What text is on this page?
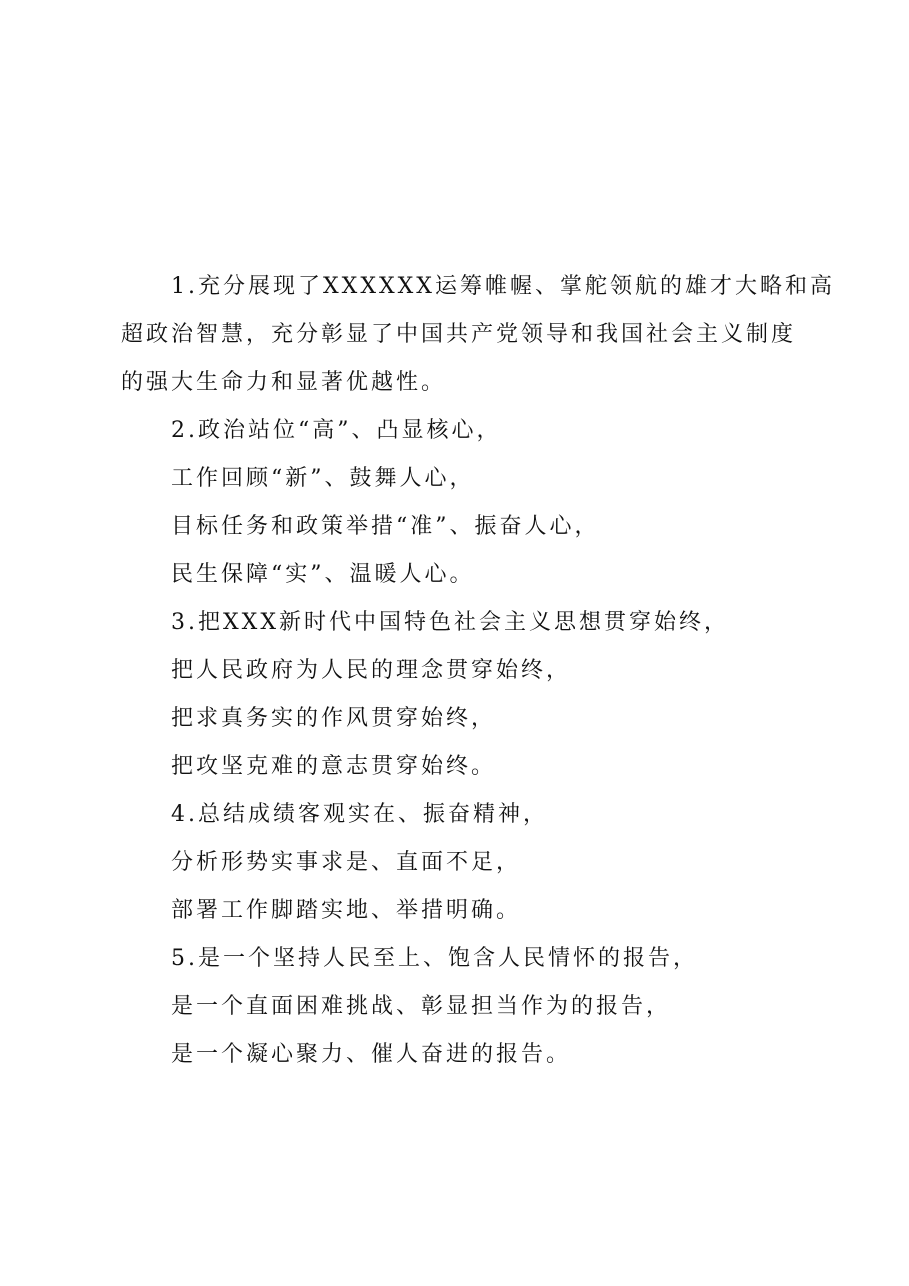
1.充分展现了XXXXXX运筹帷幄、掌舵领航的雄才大略和高
超政治智慧，充分彰显了中国共产党领导和我国社会主义制度
的强大生命力和显著优越性。
2.政治站位“高”、凸显核心，
工作回顾“新”、鼓舞人心，
目标任务和政策举措“准”、振奋人心，
民生保障“实”、温暖人心。
3.把XXX新时代中国特色社会主义思想贯穿始终，
把人民政府为人民的理念贯穿始终，
把求真务实的作风贯穿始终，
把攻坚克难的意志贯穿始终。
4.总结成绩客观实在、振奋精神，
分析形势实事求是、直面不足，
部署工作脚踏实地、举措明确。
5.是一个坚持人民至上、饱含人民情怀的报告，
是一个直面困难挑战、彰显担当作为的报告，
是一个凝心聚力、催人奋进的报告。
